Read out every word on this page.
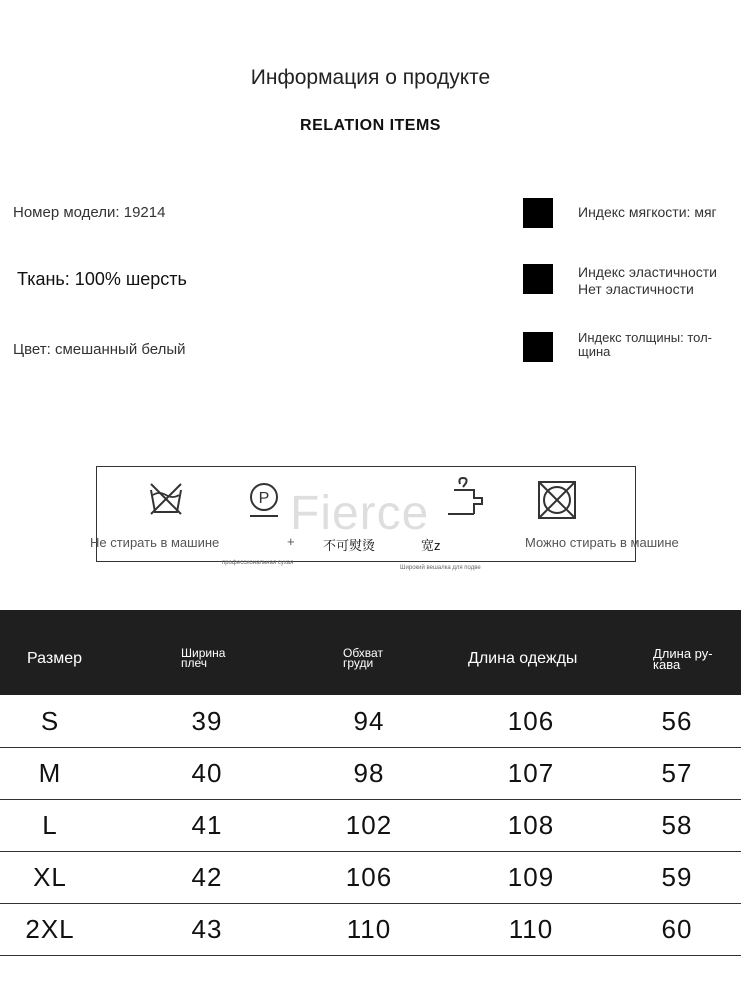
Информация о продукте
RELATION ITEMS
Номер модели: 19214
Ткань: 100% шерсть
Цвет: смешанный белый
Индекс мягкости: мяг
Индекс эластичности
Нет эластичности
Индекс толщины: тол-
щина
Fierce
P
Не стирать в машине	+ 不可熨烫	宽z	Можно стирать в машине
профессиональная сухая
Широкий вешалка для подве
Размер	Ширина
плеч
Обхват
груди	Длина одежды	Длина ру-
кава
S	39	94	106	56
M	40	98	107	57
L	41	102	108	58
XL	42	106	109	59
2XL	43	110	110	60
